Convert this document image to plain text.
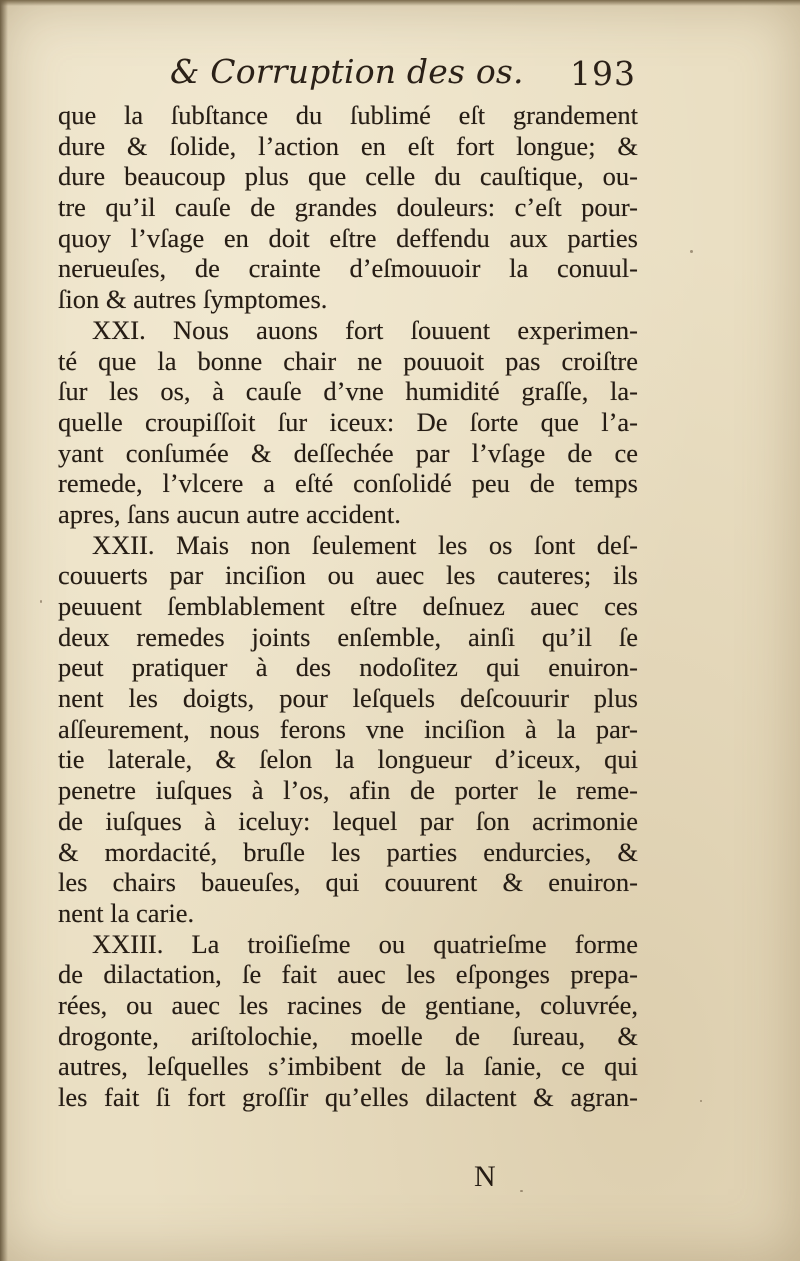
& Corruption des os. 193
que la ſubſtance du ſublimé eſt grandement
dure & ſolide, l’action en eſt fort longue; &
dure beaucoup plus que celle du cauſtique, ou-
tre qu’il cauſe de grandes douleurs: c’eſt pour-
quoy l’vſage en doit eſtre deffendu aux parties
nerueuſes, de crainte d’eſmouuoir la conuul-
ſion & autres ſymptomes.
XXI. Nous auons fort ſouuent experimen-
té que la bonne chair ne pouuoit pas croiſtre
ſur les os, à cauſe d’vne humidité graſſe, la-
quelle croupiſſoit ſur iceux: De ſorte que l’a-
yant conſumée & deſſechée par l’vſage de ce
remede, l’vlcere a eſté conſolidé peu de temps
apres, ſans aucun autre accident.
XXII. Mais non ſeulement les os ſont deſ-
couuerts par inciſion ou auec les cauteres; ils
peuuent ſemblablement eſtre deſnuez auec ces
deux remedes joints enſemble, ainſi qu’il ſe
peut pratiquer à des nodoſitez qui enuiron-
nent les doigts, pour leſquels deſcouurir plus
aſſeurement, nous ferons vne inciſion à la par-
tie laterale, & ſelon la longueur d’iceux, qui
penetre iuſques à l’os, afin de porter le reme-
de iuſques à iceluy: lequel par ſon acrimonie
& mordacité, bruſle les parties endurcies, &
les chairs baueuſes, qui couurent & enuiron-
nent la carie.
XXIII. La troiſieſme ou quatrieſme forme
de dilactation, ſe fait auec les eſponges prepa-
rées, ou auec les racines de gentiane, coluvrée,
drogonte, ariſtolochie, moelle de ſureau, &
autres, leſquelles s’imbibent de la ſanie, ce qui
les fait ſi fort groſſir qu’elles dilactent & agran-
N
